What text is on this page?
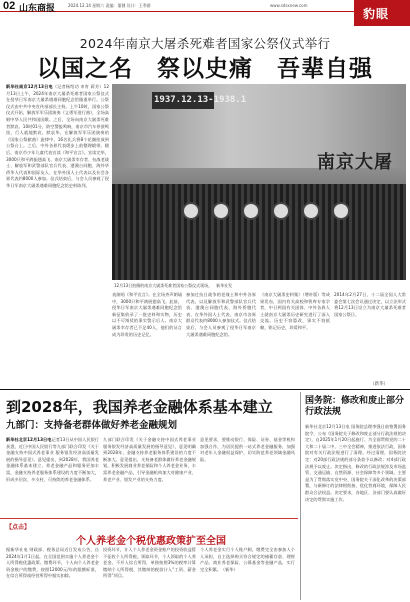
02 山东商报	2024.12.14 星期六 责编：董健 设计：王季群	www.sdsxnew.com
豹眼
2024年南京大屠杀死难者国家公祭仪式举行
以国之名　祭以史痛　吾辈自强
新华社南京12月13日电（记者杨绍功 申宵 蒋芳）12月13日上午，2024年南京大屠杀死难者国家公祭仪式在侵华日军南京大屠杀遇难同胞纪念馆隆重举行。公祭仪式由中共中央宣传部部长主持。上午10时，国家公祭仪式开始，解放军军乐团演奏《义勇军进行曲》，全场高唱中华人民共和国国歌。之后，全场向南京大屠杀死难者默哀。10时01分，防空警报鸣响，南京市汽车停驶鸣笛，行人就地默哀。默哀毕，在解放军军乐团演奏的《国家公祭献曲》旋律中，16名礼兵将8个花圈抬放到公祭台上。之后，中外各界代表缓步上前整理缎带。随后，南京市少年儿童代表宣读《和平宣言》。宣读完毕，3000只和平鸽振翅高飞。南京大屠杀幸存者、抗战老战士、解放军和武警部队官兵代表、港澳台同胞、海外华侨华人代表和国际友人、在华外国人士代表以及社会各界代表约8000人参加。仪式结束后，与会人员参观了侵华日军南京大屠杀遇难同胞纪念馆史料陈列。
1937.12.13-1938.1
南京大屠
12月13日拍摄的南京大屠杀死难者国家公祭仪式现场。　新华社发
表演唱《和平宣言》。在全场齐声朗诵中，3000只和平鸽展翅高飞。此前，侵华日军南京大屠杀遇难同胞纪念馆新征集收录了一批史料和实物，历史以不可辩驳的事实警示后人。南京大屠杀幸存者已不足40人，他们的证言成为珍贵的历史记忆。
参加过抗日战争的老战士和中外各界代表，以及解放军和武警部队官兵代表、港澳台同胞代表、海外侨胞代表、在华外国人士代表、南京市各界群众代表约8000人参加仪式。仪式结束后，与会人员参观了侵华日军南京大屠杀遇难同胞纪念馆。
《南京大屠杀史料集》（增补版）等成果发布，国内有关高校和智库专家学者，中日两国有关团体、中外各界人士就南京大屠杀历史研究进行了深入交流。历史不容篡改，事实不容抵赖，铭记历史，珍爱和平。
2014年2月27日，十二届全国人大常委会第七次会议通过决定，以立法形式将12月13日设立为南京大屠杀死难者国家公祭日。
（新华）
到2028年，我国养老金融体系基本建立
九部门：支持备老群体做好养老金融规划
新华社北京12月13日电记者13日从中国人民银行获悉，近日中国人民银行等九部门联合印发《关于金融支持中国式养老事业 服务银发经济高质量发展的指导意见》。意见提出，到2028年，我国养老金融体系基本建立，养老金融产品和服务更加丰富，金融支持养老服务体系建设的力度不断加大，形成多层次、多支柱、可持续的养老金融体系。
九部门联合印发《关于金融支持中国式养老事业 服务银发经济高质量发展的指导意见》，意见明确到2028年，金融支持养老服务体系建设的力度不断加大。意见提出，支持备老群体做好养老金融规划，积极发展商业养老保险和个人养老金业务，丰富养老金融产品，引导金融机构加大对健康产业、养老产业、银发产业的支持力度。
意见要求，要推动银行、保险、证券、基金等机构加强合作，为居民提供一站式养老金融服务，加强对老年人金融权益保护，切实防范养老领域金融风险。
国务院：修改和废止部分行政法规
新华社北京12月13日电 国务院总理李强日前签署国务院令，公布《国务院关于修改和废止部分行政法规的决定》，自2025年1月20日起施行。为全面贯彻党的二十大和二十届二中、三中全会精神，推进依法行政，国务院对有关行政法规进行了清理。经过清理，国务院决定：对20部行政法规的部分条款予以修改；对4部行政法规予以废止。决定指出，修改的行政法规涉及市场监管、交通运输、自然资源、社会保障等多个领域，主要是为了贯彻落实党中央、国务院关于深化改革的决策部署，与新修订的法律相衔接，优化营商环境，保障人民群众合法权益。决定要求，各地区、各部门要认真做好决定的贯彻实施工作。
【点击】
个人养老金个税优惠政策扩至全国
据新华社电 财政部、税务总局近日发布公告，自2024年1月1日起，在全国范围实施个人养老金个人所得税优惠政策。缴费环节，个人向个人养老金资金账户的缴费，按照12000元/年的限额标准，在综合所得或经营所得中据实扣除。
投资环节，计入个人养老金资金账户的投资收益暂不征收个人所得税。领取环节，个人领取的个人养老金，不并入综合所得，单独按照3%的税率计算缴纳个人所得税，其缴纳的税款计入“工资、薪金所得”项目。
个人养老金实行个人账户制，缴费完全由参加人个人承担，自主选择购买符合规定的储蓄存款、理财产品、商业养老保险、公募基金等金融产品，实行完全积累。　（新华）
